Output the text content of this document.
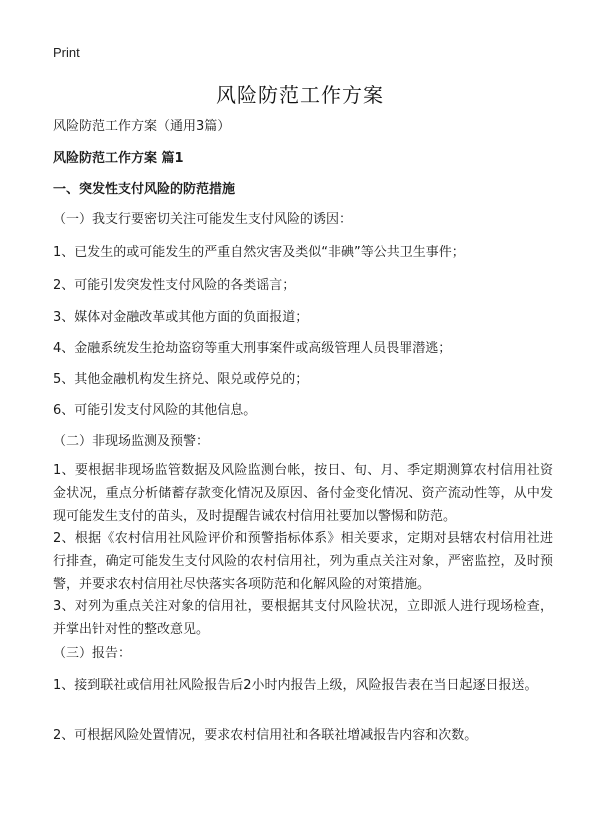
Print
风险防范工作方案
风险防范工作方案（通用3篇）
风险防范工作方案 篇1
一、突发性支付风险的防范措施
（一）我支行要密切关注可能发生支付风险的诱因：
1、已发生的或可能发生的严重自然灾害及类似“非碘”等公共卫生事件；
2、可能引发突发性支付风险的各类谣言；
3、媒体对金融改革或其他方面的负面报道；
4、金融系统发生抢劫盗窃等重大刑事案件或高级管理人员畏罪潜逃；
5、其他金融机构发生挤兑、限兑或停兑的；
6、可能引发支付风险的其他信息。
（二）非现场监测及预警：
1、要根据非现场监管数据及风险监测台帐，按日、旬、月、季定期测算农村信用社资金状况，重点分析储蓄存款变化情况及原因、备付金变化情况、资产流动性等，从中发现可能发生支付的苗头，及时提醒告诫农村信用社要加以警惕和防范。
2、根据《农村信用社风险评价和预警指标体系》相关要求，定期对县辖农村信用社进行排查，确定可能发生支付风险的农村信用社，列为重点关注对象，严密监控，及时预警，并要求农村信用社尽快落实各项防范和化解风险的对策措施。
3、对列为重点关注对象的信用社，要根据其支付风险状况，立即派人进行现场检查，并掌出针对性的整改意见。
（三）报告：
1、接到联社或信用社风险报告后2小时内报告上级，风险报告表在当日起逐日报送。
2、可根据风险处置情况，要求农村信用社和各联社增减报告内容和次数。
